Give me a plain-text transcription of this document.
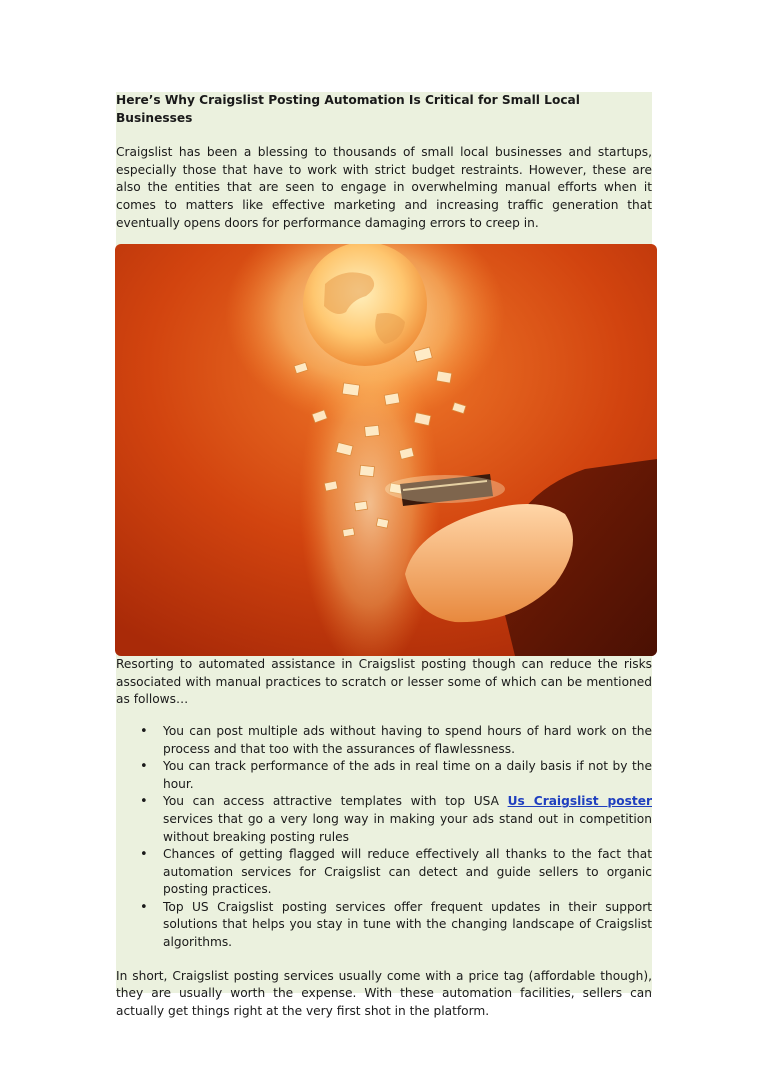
Here’s Why Craigslist Posting Automation Is Critical for Small Local Businesses

Craigslist has been a blessing to thousands of small local businesses and startups, especially those that have to work with strict budget restraints. However, these are also the entities that are seen to engage in overwhelming manual efforts when it comes to matters like effective marketing and increasing traffic generation that eventually opens doors for performance damaging errors to creep in.

Resorting to automated assistance in Craigslist posting though can reduce the risks associated with manual practices to scratch or lesser some of which can be mentioned as follows…

• You can post multiple ads without having to spend hours of hard work on the process and that too with the assurances of flawlessness.
• You can track performance of the ads in real time on a daily basis if not by the hour.
• You can access attractive templates with top USA Us Craigslist poster services that go a very long way in making your ads stand out in competition without breaking posting rules
• Chances of getting flagged will reduce effectively all thanks to the fact that automation services for Craigslist can detect and guide sellers to organic posting practices.
• Top US Craigslist posting services offer frequent updates in their support solutions that helps you stay in tune with the changing landscape of Craigslist algorithms.

In short, Craigslist posting services usually come with a price tag (affordable though), they are usually worth the expense. With these automation facilities, sellers can actually get things right at the very first shot in the platform.
